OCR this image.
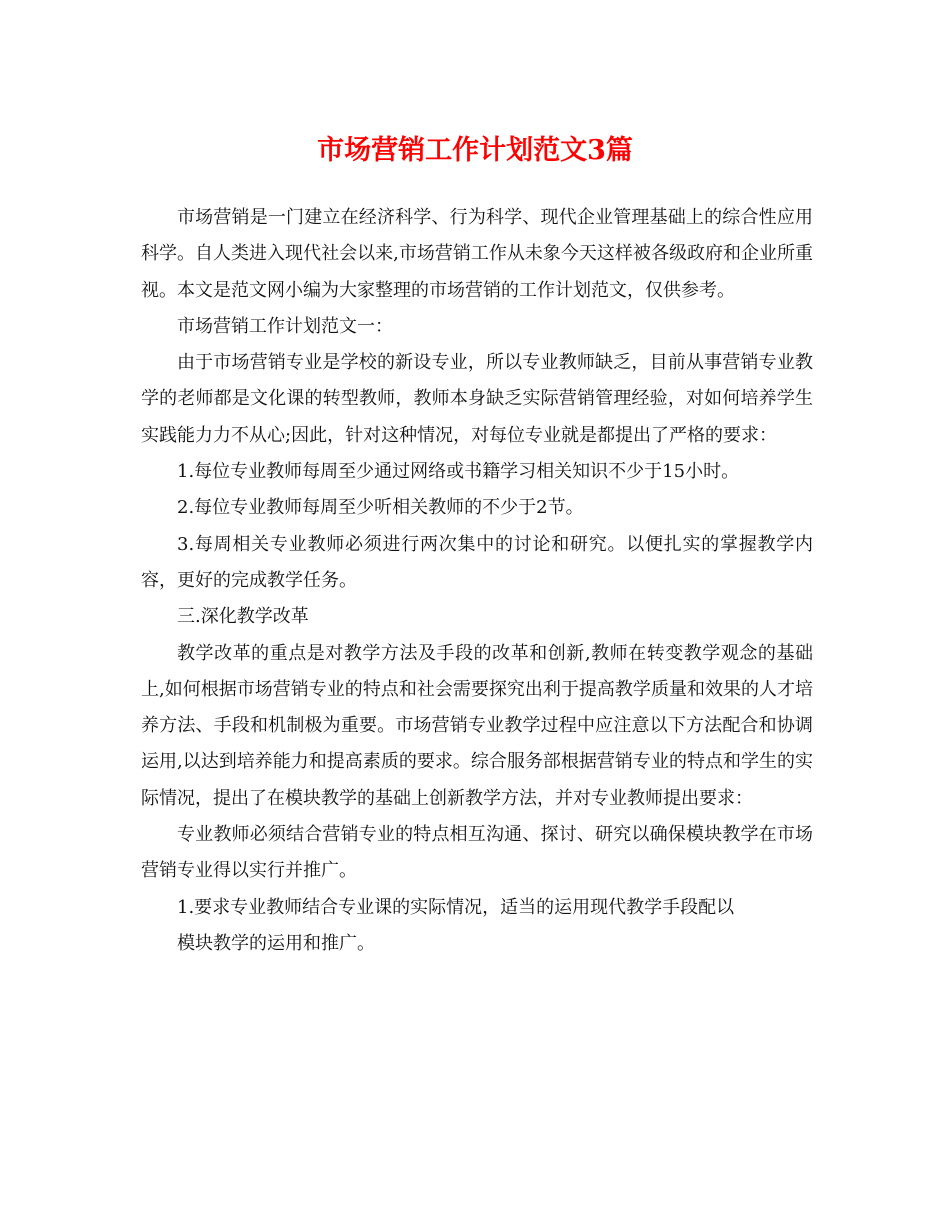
市场营销工作计划范文3篇

市场营销是一门建立在经济科学、行为科学、现代企业管理基础上的综合性应用科学。自人类进入现代社会以来,市场营销工作从未象今天这样被各级政府和企业所重视。本文是范文网小编为大家整理的市场营销的工作计划范文，仅供参考。

市场营销工作计划范文一：

由于市场营销专业是学校的新设专业，所以专业教师缺乏，目前从事营销专业教学的老师都是文化课的转型教师，教师本身缺乏实际营销管理经验，对如何培养学生实践能力力不从心;因此，针对这种情况，对每位专业就是都提出了严格的要求：

1.每位专业教师每周至少通过网络或书籍学习相关知识不少于15小时。

2.每位专业教师每周至少听相关教师的不少于2节。

3.每周相关专业教师必须进行两次集中的讨论和研究。以便扎实的掌握教学内容，更好的完成教学任务。

三.深化教学改革

教学改革的重点是对教学方法及手段的改革和创新,教师在转变教学观念的基础上,如何根据市场营销专业的特点和社会需要探究出利于提高教学质量和效果的人才培养方法、手段和机制极为重要。市场营销专业教学过程中应注意以下方法配合和协调运用,以达到培养能力和提高素质的要求。综合服务部根据营销专业的特点和学生的实际情况，提出了在模块教学的基础上创新教学方法，并对专业教师提出要求：

专业教师必须结合营销专业的特点相互沟通、探讨、研究以确保模块教学在市场营销专业得以实行并推广。

1.要求专业教师结合专业课的实际情况，适当的运用现代教学手段配以

模块教学的运用和推广。
